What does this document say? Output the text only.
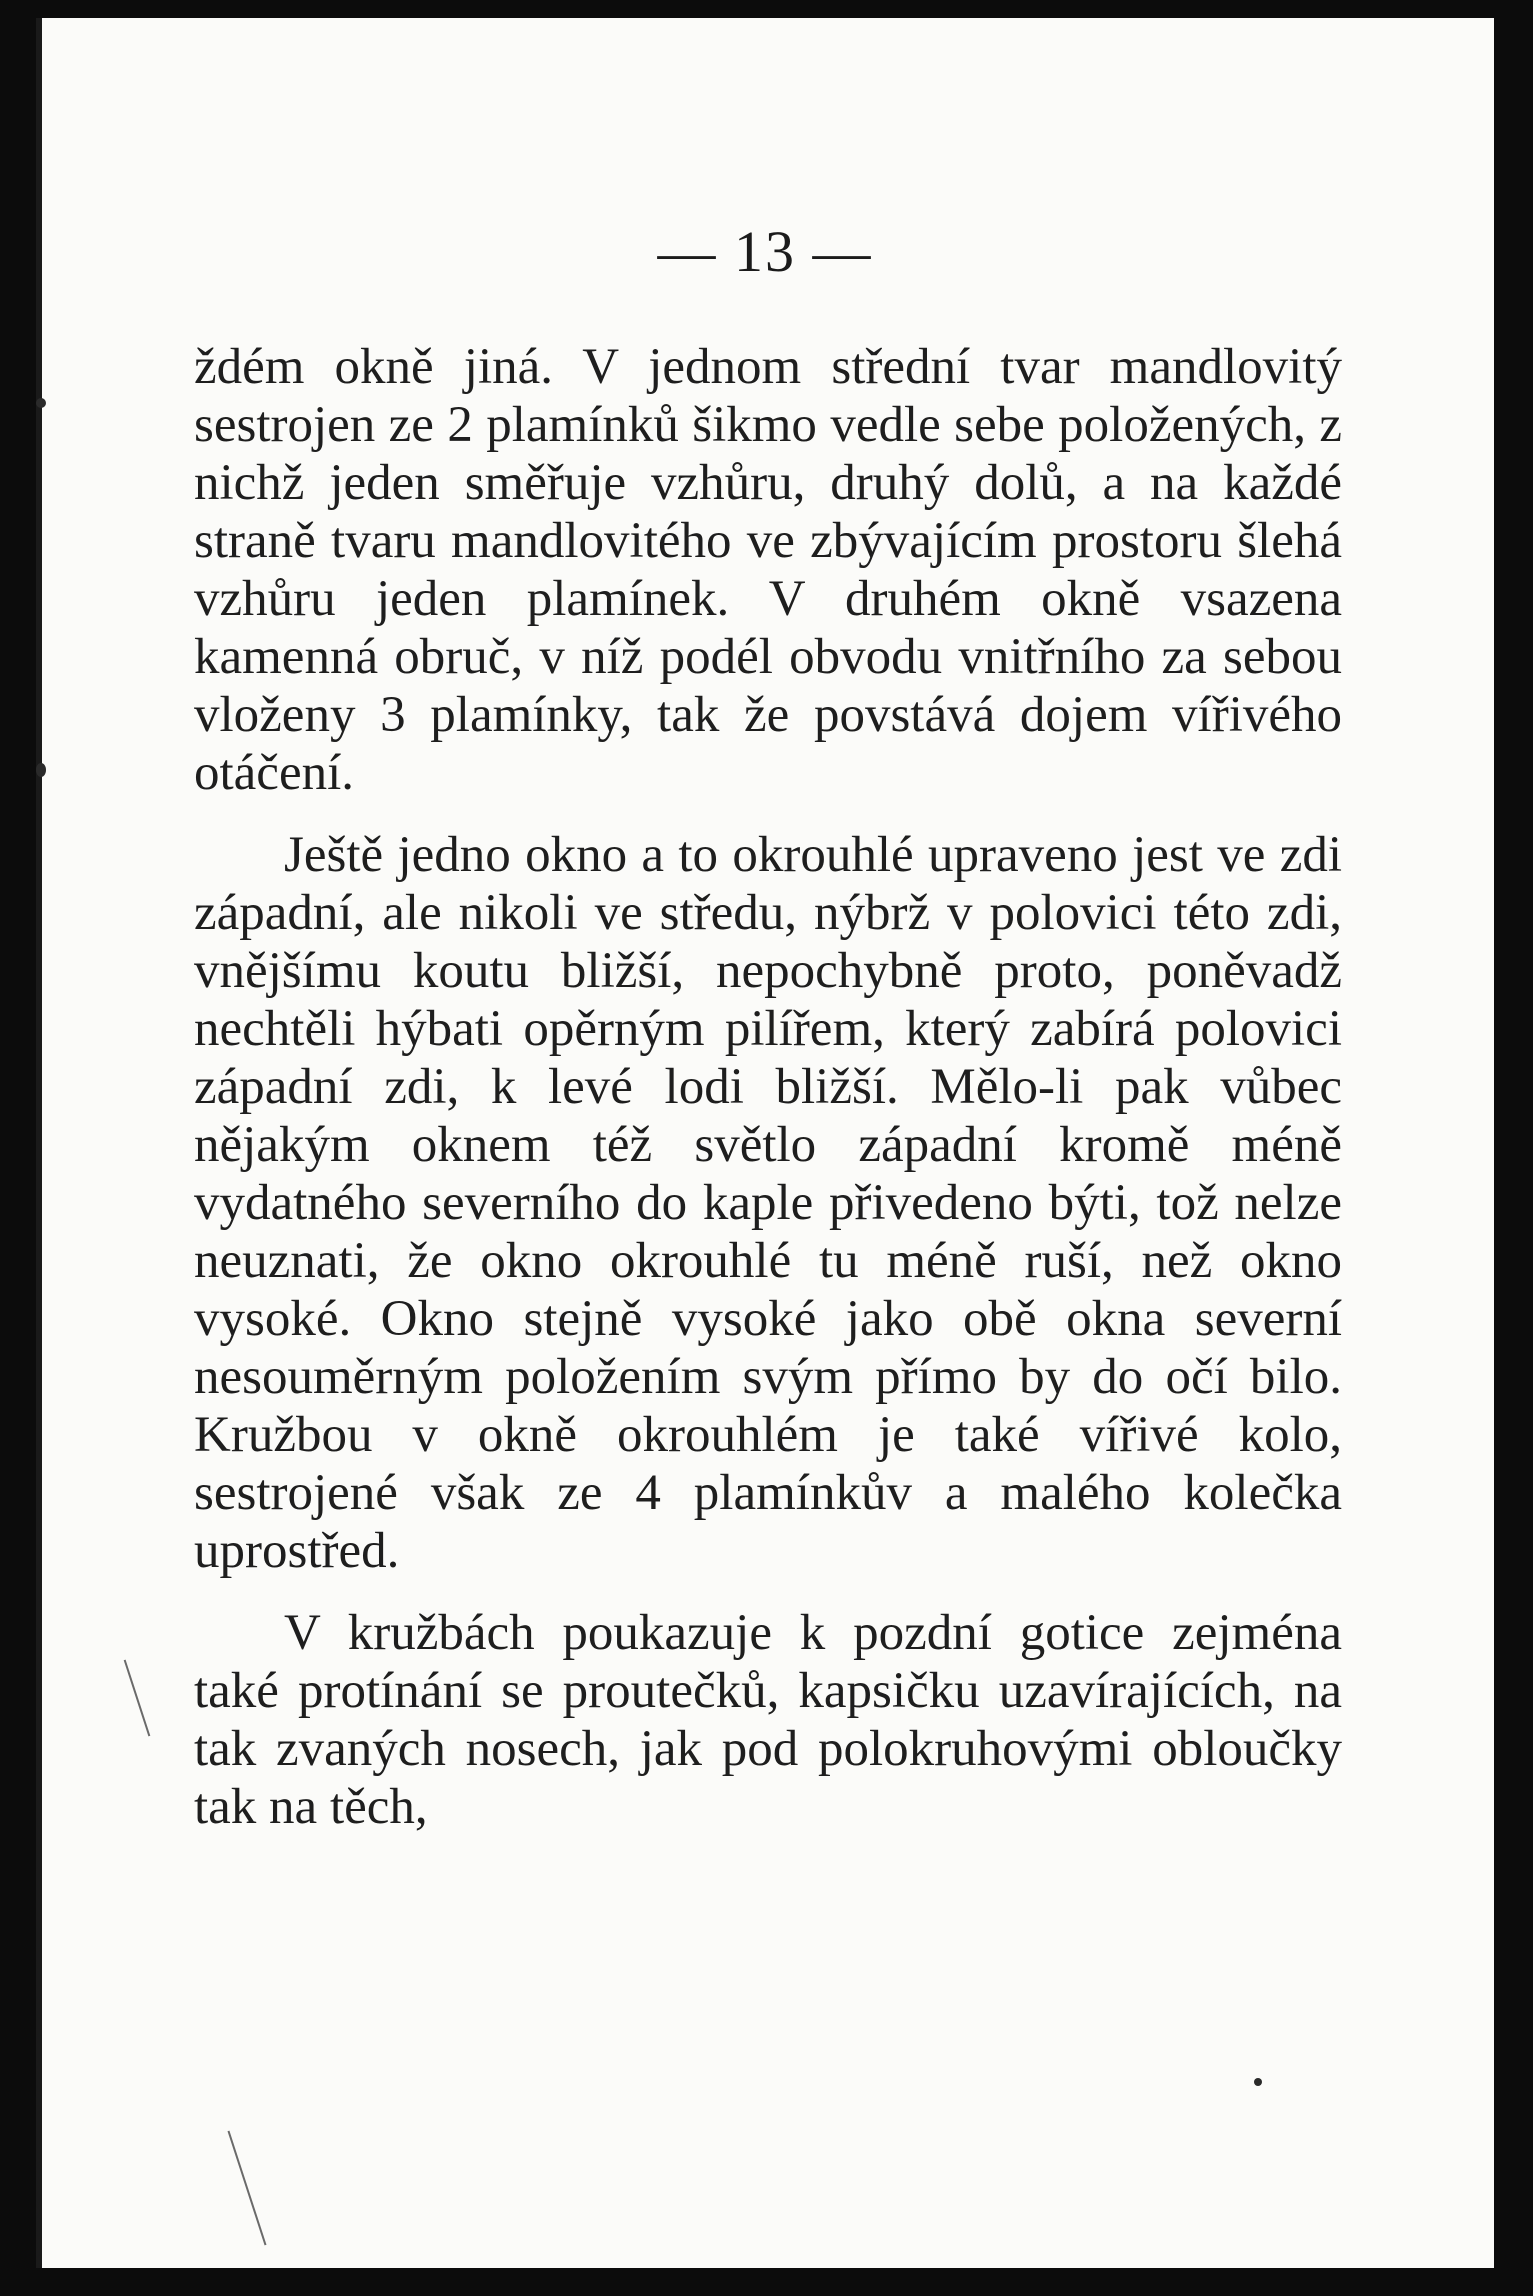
— 13 —

ždém okně jiná. V jednom střední tvar mandlovitý sestrojen ze 2 plamínků šikmo vedle sebe položených, z nichž jeden směřuje vzhůru, druhý dolů, a na každé straně tvaru mandlovitého ve zbývajícím prostoru šlehá vzhůru jeden plamínek. V druhém okně vsazena kamenná obruč, v níž podél obvodu vnitřního za sebou vloženy 3 plamínky, tak že povstává dojem vířivého otáčení.

Ještě jedno okno a to okrouhlé upraveno jest ve zdi západní, ale nikoli ve středu, nýbrž v polovici této zdi, vnějšímu koutu bližší, nepochybně proto, poněvadž nechtěli hýbati opěrným pilířem, který zabírá polovici západní zdi, k levé lodi bližší. Mělo-li pak vůbec nějakým oknem též světlo západní kromě méně vydatného severního do kaple přivedeno býti, tož nelze neuznati, že okno okrouhlé tu méně ruší, než okno vysoké. Okno stejně vysoké jako obě okna severní nesouměrným položením svým přímo by do očí bilo. Kružbou v okně okrouhlém je také vířivé kolo, sestrojené však ze 4 plamínkův a malého kolečka uprostřed.

V kružbách poukazuje k pozdní gotice zejména také protínání se proutečků, kapsičku uzavírajících, na tak zvaných nosech, jak pod polokruhovými obloučky tak na těch,
